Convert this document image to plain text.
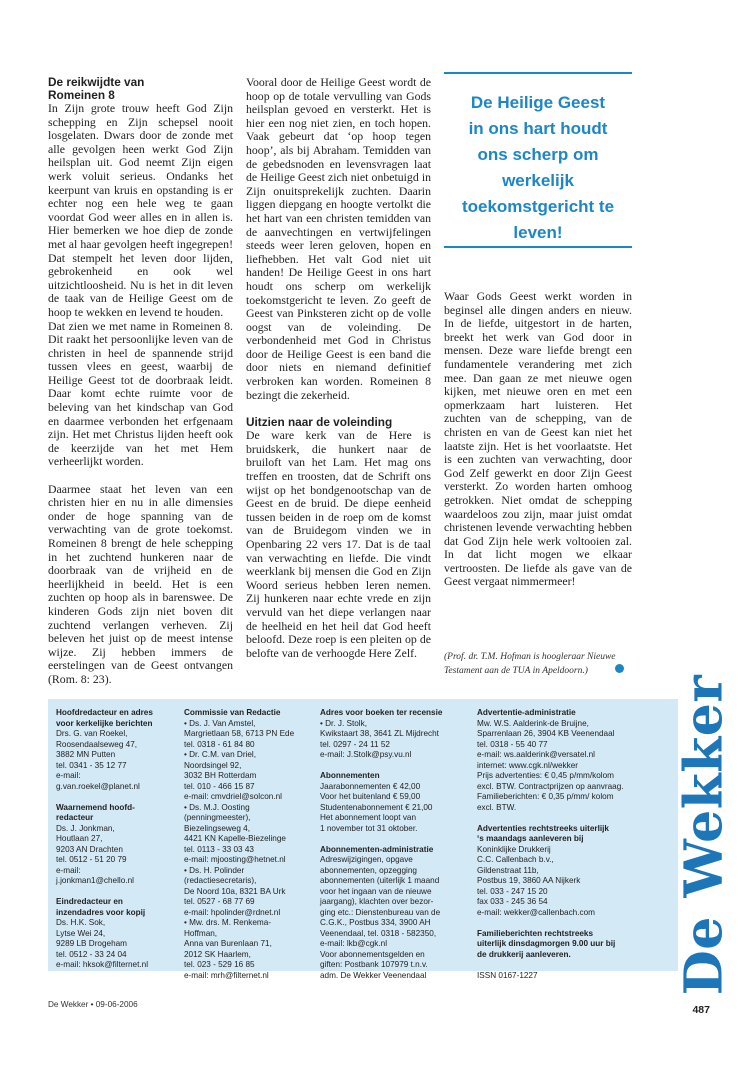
De reikwijdte van
Romeinen 8

In Zijn grote trouw heeft God Zijn schepping en Zijn schepsel nooit losgelaten. Dwars door de zonde met alle gevolgen heen werkt God Zijn heilsplan uit. God neemt Zijn eigen werk voluit serieus. Ondanks het keerpunt van kruis en opstanding is er echter nog een hele weg te gaan voordat God weer alles en in allen is. Hier bemerken we hoe diep de zonde met al haar gevolgen heeft ingegrepen! Dat stempelt het leven door lijden, gebrokenheid en ook wel uitzichtloosheid. Nu is het in dit leven de taak van de Heilige Geest om de hoop te wekken en levend te houden.

Dat zien we met name in Romeinen 8. Dit raakt het persoonlijke leven van de christen in heel de spannende strijd tussen vlees en geest, waarbij de Heilige Geest tot de doorbraak leidt. Daar komt echte ruimte voor de beleving van het kindschap van God en daarmee verbonden het erfgenaam zijn. Het met Christus lijden heeft ook de keerzijde van het met Hem verheerlijkt worden.

Daarmee staat het leven van een christen hier en nu in alle dimensies onder de hoge spanning van de verwachting van de grote toekomst. Romeinen 8 brengt de hele schepping in het zuchtend hunkeren naar de doorbraak van de vrijheid en de heerlijkheid in beeld. Het is een zuchten op hoop als in barensweе. De kinderen Gods zijn niet boven dit zuchtend verlangen verheven. Zij beleven het juist op de meest intense wijze. Zij hebben immers de eerstelingen van de Geest ontvangen (Rom. 8: 23).

Vooral door de Heilige Geest wordt de hoop op de totale vervulling van Gods heilsplan gevoed en versterkt. Het is hier een nog niet zien, en toch hopen. Vaak gebeurt dat ‘op hoop tegen hoop’, als bij Abraham. Temidden van de gebedsnoden en levensvragen laat de Heilige Geest zich niet onbetuigd in Zijn onuitsprekelijk zuchten. Daarin liggen diepgang en hoogte vertolkt die het hart van een christen temidden van de aanvechtingen en vertwijfelingen steeds weer leren geloven, hopen en liefhebben. Het valt God niet uit handen! De Heilige Geest in ons hart houdt ons scherp om werkelijk toekomstgericht te leven. Zo geeft de Geest van Pinksteren zicht op de volle oogst van de voleinding. De verbondenheid met God in Christus door de Heilige Geest is een band die door niets en niemand definitief verbroken kan worden. Romeinen 8 bezingt die zekerheid.

Uitzien naar de voleinding

De ware kerk van de Here is bruidskerk, die hunkert naar de bruiloft van het Lam. Het mag ons treffen en troosten, dat de Schrift ons wijst op het bondgenootschap van de Geest en de bruid. De diepe eenheid tussen beiden in de roep om de komst van de Bruidegom vinden we in Openbaring 22 vers 17. Dat is de taal van verwachting en liefde. Die vindt weerklank bij mensen die God en Zijn Woord serieus hebben leren nemen. Zij hunkeren naar echte vrede en zijn vervuld van het diepe verlangen naar de heelheid en het heil dat God heeft beloofd. Deze roep is een pleiten op de belofte van de verhoogde Here Zelf.

De Heilige Geest
in ons hart houdt
ons scherp om
werkelijk
toekomstgericht te
leven!

Waar Gods Geest werkt worden in beginsel alle dingen anders en nieuw. In de liefde, uitgestort in de harten, breekt het werk van God door in mensen. Deze ware liefde brengt een fundamentele verandering met zich mee. Dan gaan ze met nieuwe ogen kijken, met nieuwe oren en met een opmerkzaam hart luisteren. Het zuchten van de schepping, van de christen en van de Geest kan niet het laatste zijn. Het is het voorlaatste. Het is een zuchten van verwachting, door God Zelf gewerkt en door Zijn Geest versterkt. Zo worden harten omhoog getrokken. Niet omdat de schepping waardeloos zou zijn, maar juist omdat christenen levende verwachting hebben dat God Zijn hele werk voltooien zal. In dat licht mogen we elkaar vertroosten. De liefde als gave van de Geest vergaat nimmermeer!

(Prof. dr. T.M. Hofman is hoogleraar Nieuwe
Testament aan de TUA in Apeldoorn.)
Hoofdredacteur en adres
voor kerkelijke berichten
Drs. G. van Roekel,
Roosendaalseweg 47,
3882 MN Putten
tel. 0341 - 35 12 77
e-mail:
g.van.roekel@planet.nl
Waarnemend hoofd-
redacteur
Ds. J. Jonkman,
Houtlaan 27,
9203 AN Drachten
tel. 0512 - 51 20 79
e-mail:
j.jonkman1@chello.nl
Eindredacteur en
inzendadres voor kopij
Ds. H.K. Sok,
Lytse Wei 24,
9289 LB Drogeham
tel. 0512 - 33 24 04
e-mail: hksok@filternet.nl
Commissie van Redactie
• Ds. J. Van Amstel,
Margrietlaan 58, 6713 PN Ede
tel. 0318 - 61 84 80
• Dr. C.M. van Driel,
Noordsingel 92,
3032 BH Rotterdam
tel. 010 - 466 15 87
e-mail: cmvdriel@solcon.nl
• Ds. M.J. Oosting
(penningmeester),
Biezelingseweg 4,
4421 KN Kapelle-Biezelinge
tel. 0113 - 33 03 43
e-mail: mjoosting@hetnet.nl
• Ds. H. Polinder
(redactiesecretaris),
De Noord 10a, 8321 BA Urk
tel. 0527 - 68 77 69
e-mail: hpolinder@rdnet.nl
• Mw. drs. M. Renkema-
Hoffman,
Anna van Burenlaan 71,
2012 SK Haarlem,
tel. 023 - 529 16 85
e-mail: mrh@filternet.nl
Adres voor boeken ter recensie
• Dr. J. Stolk,
Kwikstaart 38, 3641 ZL Mijdrecht
tel. 0297 - 24 11 52
e-mail: J.Stolk@psy.vu.nl
Abonnementen
Jaarabonnementen € 42,00
Voor het buitenland € 59,00
Studentenabonnement € 21,00
Het abonnement loopt van
1 november tot 31 oktober.
Abonnementen-administratie
Adreswijzigingen, opgave
abonnementen, opzegging
abonnementen (uiterlijk 1 maand
voor het ingaan van de nieuwe
jaargang), klachten over bezor-
ging etc.: Dienstenbureau van de
C.G.K., Postbus 334, 3900 AH
Veenendaal, tel. 0318 - 582350,
e-mail: lkb@cgk.nl
Voor abonnementsgelden en
giften: Postbank 107979 t.n.v.
adm. De Wekker Veenendaal
Advertentie-administratie
Mw. W.S. Aalderink-de Bruijne,
Sparrenlaan 26, 3904 KB Veenendaal
tel. 0318 - 55 40 77
e-mail: ws.aalderink@versatel.nl
internet: www.cgk.nl/wekker
Prijs advertenties: € 0,45 p/mm/kolom
excl. BTW. Contractprijzen op aanvraag.
Familieberichten: € 0,35 p/mm/ kolom
excl. BTW.
Advertenties rechtstreeks uiterlijk
‘s maandags aanleveren bij
Koninklijke Drukkerij
C.C. Callenbach b.v.,
Gildenstraat 11b,
Postbus 19, 3860 AA Nijkerk
tel. 033 - 247 15 20
fax 033 - 245 36 54
e-mail: wekker@callenbach.com
Familieberichten rechtstreeks
uiterlijk dinsdagmorgen 9.00 uur bij
de drukkerij aanleveren.
ISSN 0167-1227	De Wekker
De Wekker • 09-06-2006	487
